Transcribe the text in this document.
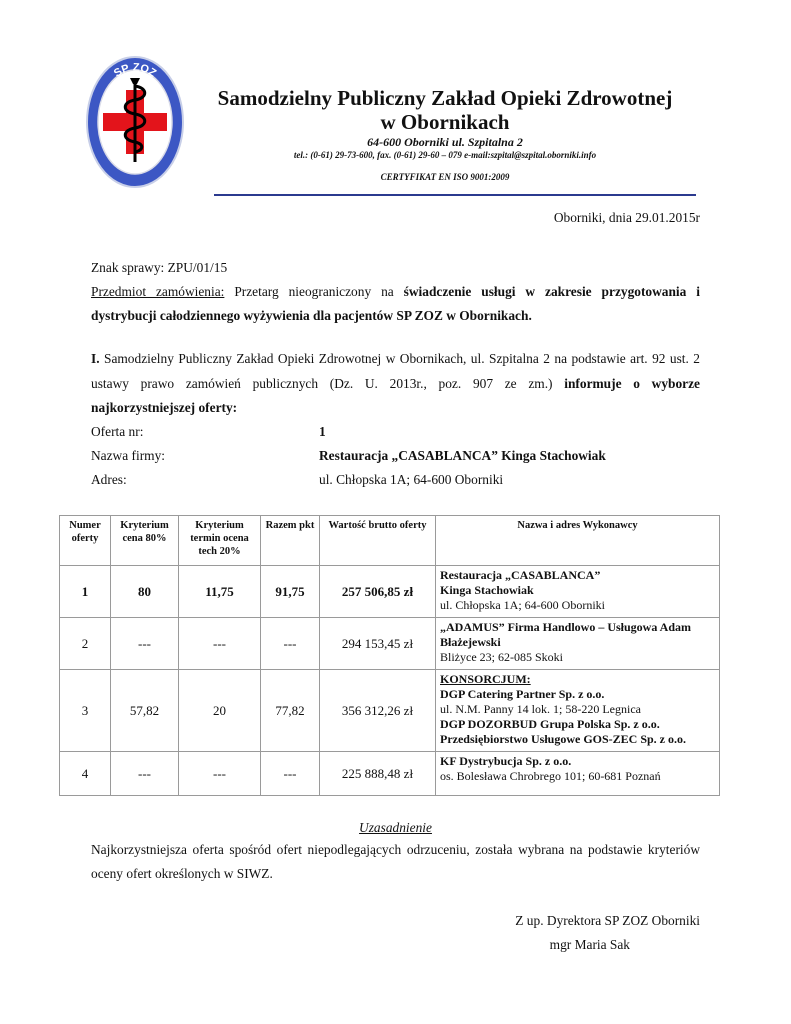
SP ZOZ
OBORNIKI
Samodzielny Publiczny Zakład Opieki Zdrowotnej
w Obornikach
64-600 Oborniki ul. Szpitalna 2
tel.: (0-61) 29-73-600, fax. (0-61) 29-60 – 079 e-mail:szpital@szpital.oborniki.info
CERTYFIKAT EN ISO 9001:2009
Oborniki, dnia 29.01.2015r
Znak sprawy: ZPU/01/15
Przedmiot zamówienia: Przetarg nieograniczony na świadczenie usługi w zakresie przygotowania i
dystrybucji całodziennego wyżywienia dla pacjentów SP ZOZ w Obornikach.
I. Samodzielny Publiczny Zakład Opieki Zdrowotnej w Obornikach, ul. Szpitalna 2 na podstawie art. 92 ust. 2
ustawy prawo zamówień publicznych (Dz. U. 2013r., poz. 907 ze zm.) informuje o wyborze
najkorzystniejszej oferty:
Oferta nr:	1
Nazwa firmy:	Restauracja „CASABLANCA” Kinga Stachowiak
Adres:	ul. Chłopska 1A; 64-600 Oborniki
Numer oferty	Kryterium cena 80%	Kryterium termin ocena tech 20%	Razem pkt	Wartość brutto oferty	Nazwa i adres Wykonawcy
1	80	11,75	91,75	257 506,85 zł	Restauracja „CASABLANCA”
Kinga Stachowiak
ul. Chłopska 1A; 64-600 Oborniki

2	---	---	---	294 153,45 zł	„ADAMUS” Firma Handlowo – Usługowa Adam
Błażejewski
Bliżyce 23; 62-085 Skoki

3	57,82	20	77,82	356 312,26 zł	KONSORCJUM:
DGP Catering Partner Sp. z o.o.
ul. N.M. Panny 14 lok. 1; 58-220 Legnica
DGP DOZORBUD Grupa Polska Sp. z o.o.
Przedsiębiorstwo Usługowe GOS-ZEC Sp. z o.o.

4	---	---	---	225 888,48 zł	KF Dystrybucja Sp. z o.o.
os. Bolesława Chrobrego 101; 60-681 Poznań
Uzasadnienie
Najkorzystniejsza oferta spośród ofert niepodlegających odrzuceniu, została wybrana na podstawie kryteriów
oceny ofert określonych w SIWZ.
Z up. Dyrektora SP ZOZ Oborniki
mgr Maria Sak
